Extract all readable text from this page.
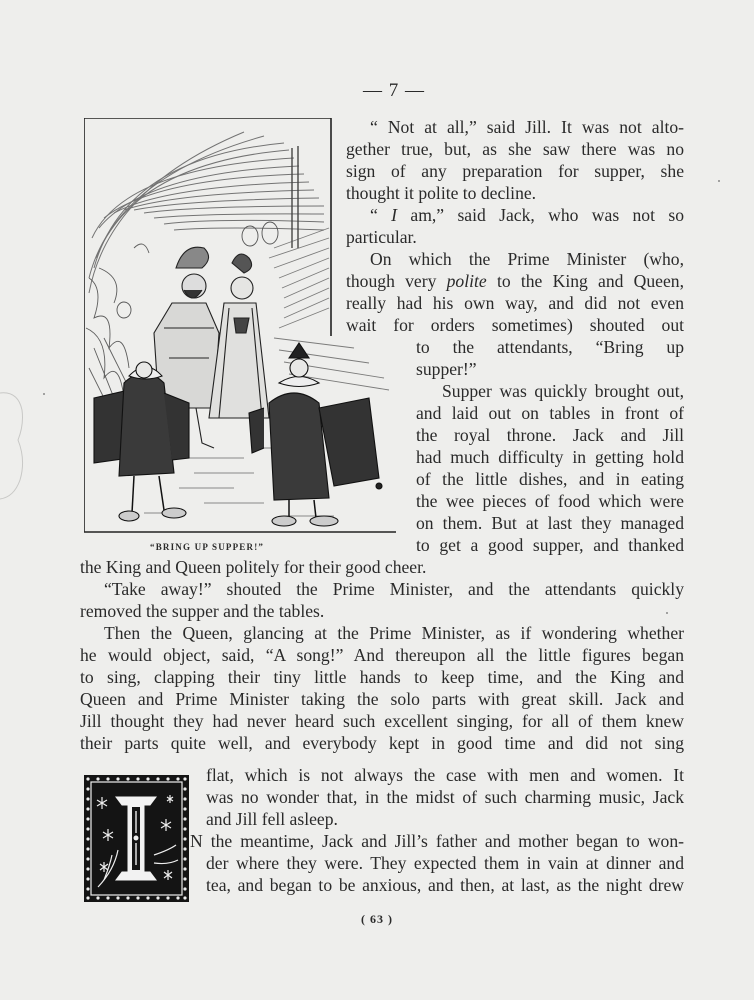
— 7 —
“BRING UP SUPPER!”
“ Not at all,” said Jill. It was not alto-
gether true, but, as she saw there was no
sign of any preparation for supper, she
thought it polite to decline.
“ I am,” said Jack, who was not so
particular.
On which the Prime Minister (who,
though very polite to the King and Queen,
really had his own way, and did not even
wait for orders sometimes) shouted out
to the attendants, “Bring up
supper!”
Supper was quickly brought out,
and laid out on tables in front of
the royal throne. Jack and Jill
had much difficulty in getting hold
of the little dishes, and in eating
the wee pieces of food which were
on them. But at last they managed
to get a good supper, and thanked
the King and Queen politely for their good cheer.
“Take away!” shouted the Prime Minister, and the attendants quickly
removed the supper and the tables.
Then the Queen, glancing at the Prime Minister, as if wondering whether
he would object, said, “A song!” And thereupon all the little figures began
to sing, clapping their tiny little hands to keep time, and the King and
Queen and Prime Minister taking the solo parts with great skill. Jack and
Jill thought they had never heard such excellent singing, for all of them knew
their parts quite well, and everybody kept in good time and did not sing
flat, which is not always the case with men and women. It
was no wonder that, in the midst of such charming music, Jack
and Jill fell asleep.
N the meantime, Jack and Jill’s father and mother began to won-
der where they were. They expected them in vain at dinner and
tea, and began to be anxious, and then, at last, as the night drew
( 63 )
